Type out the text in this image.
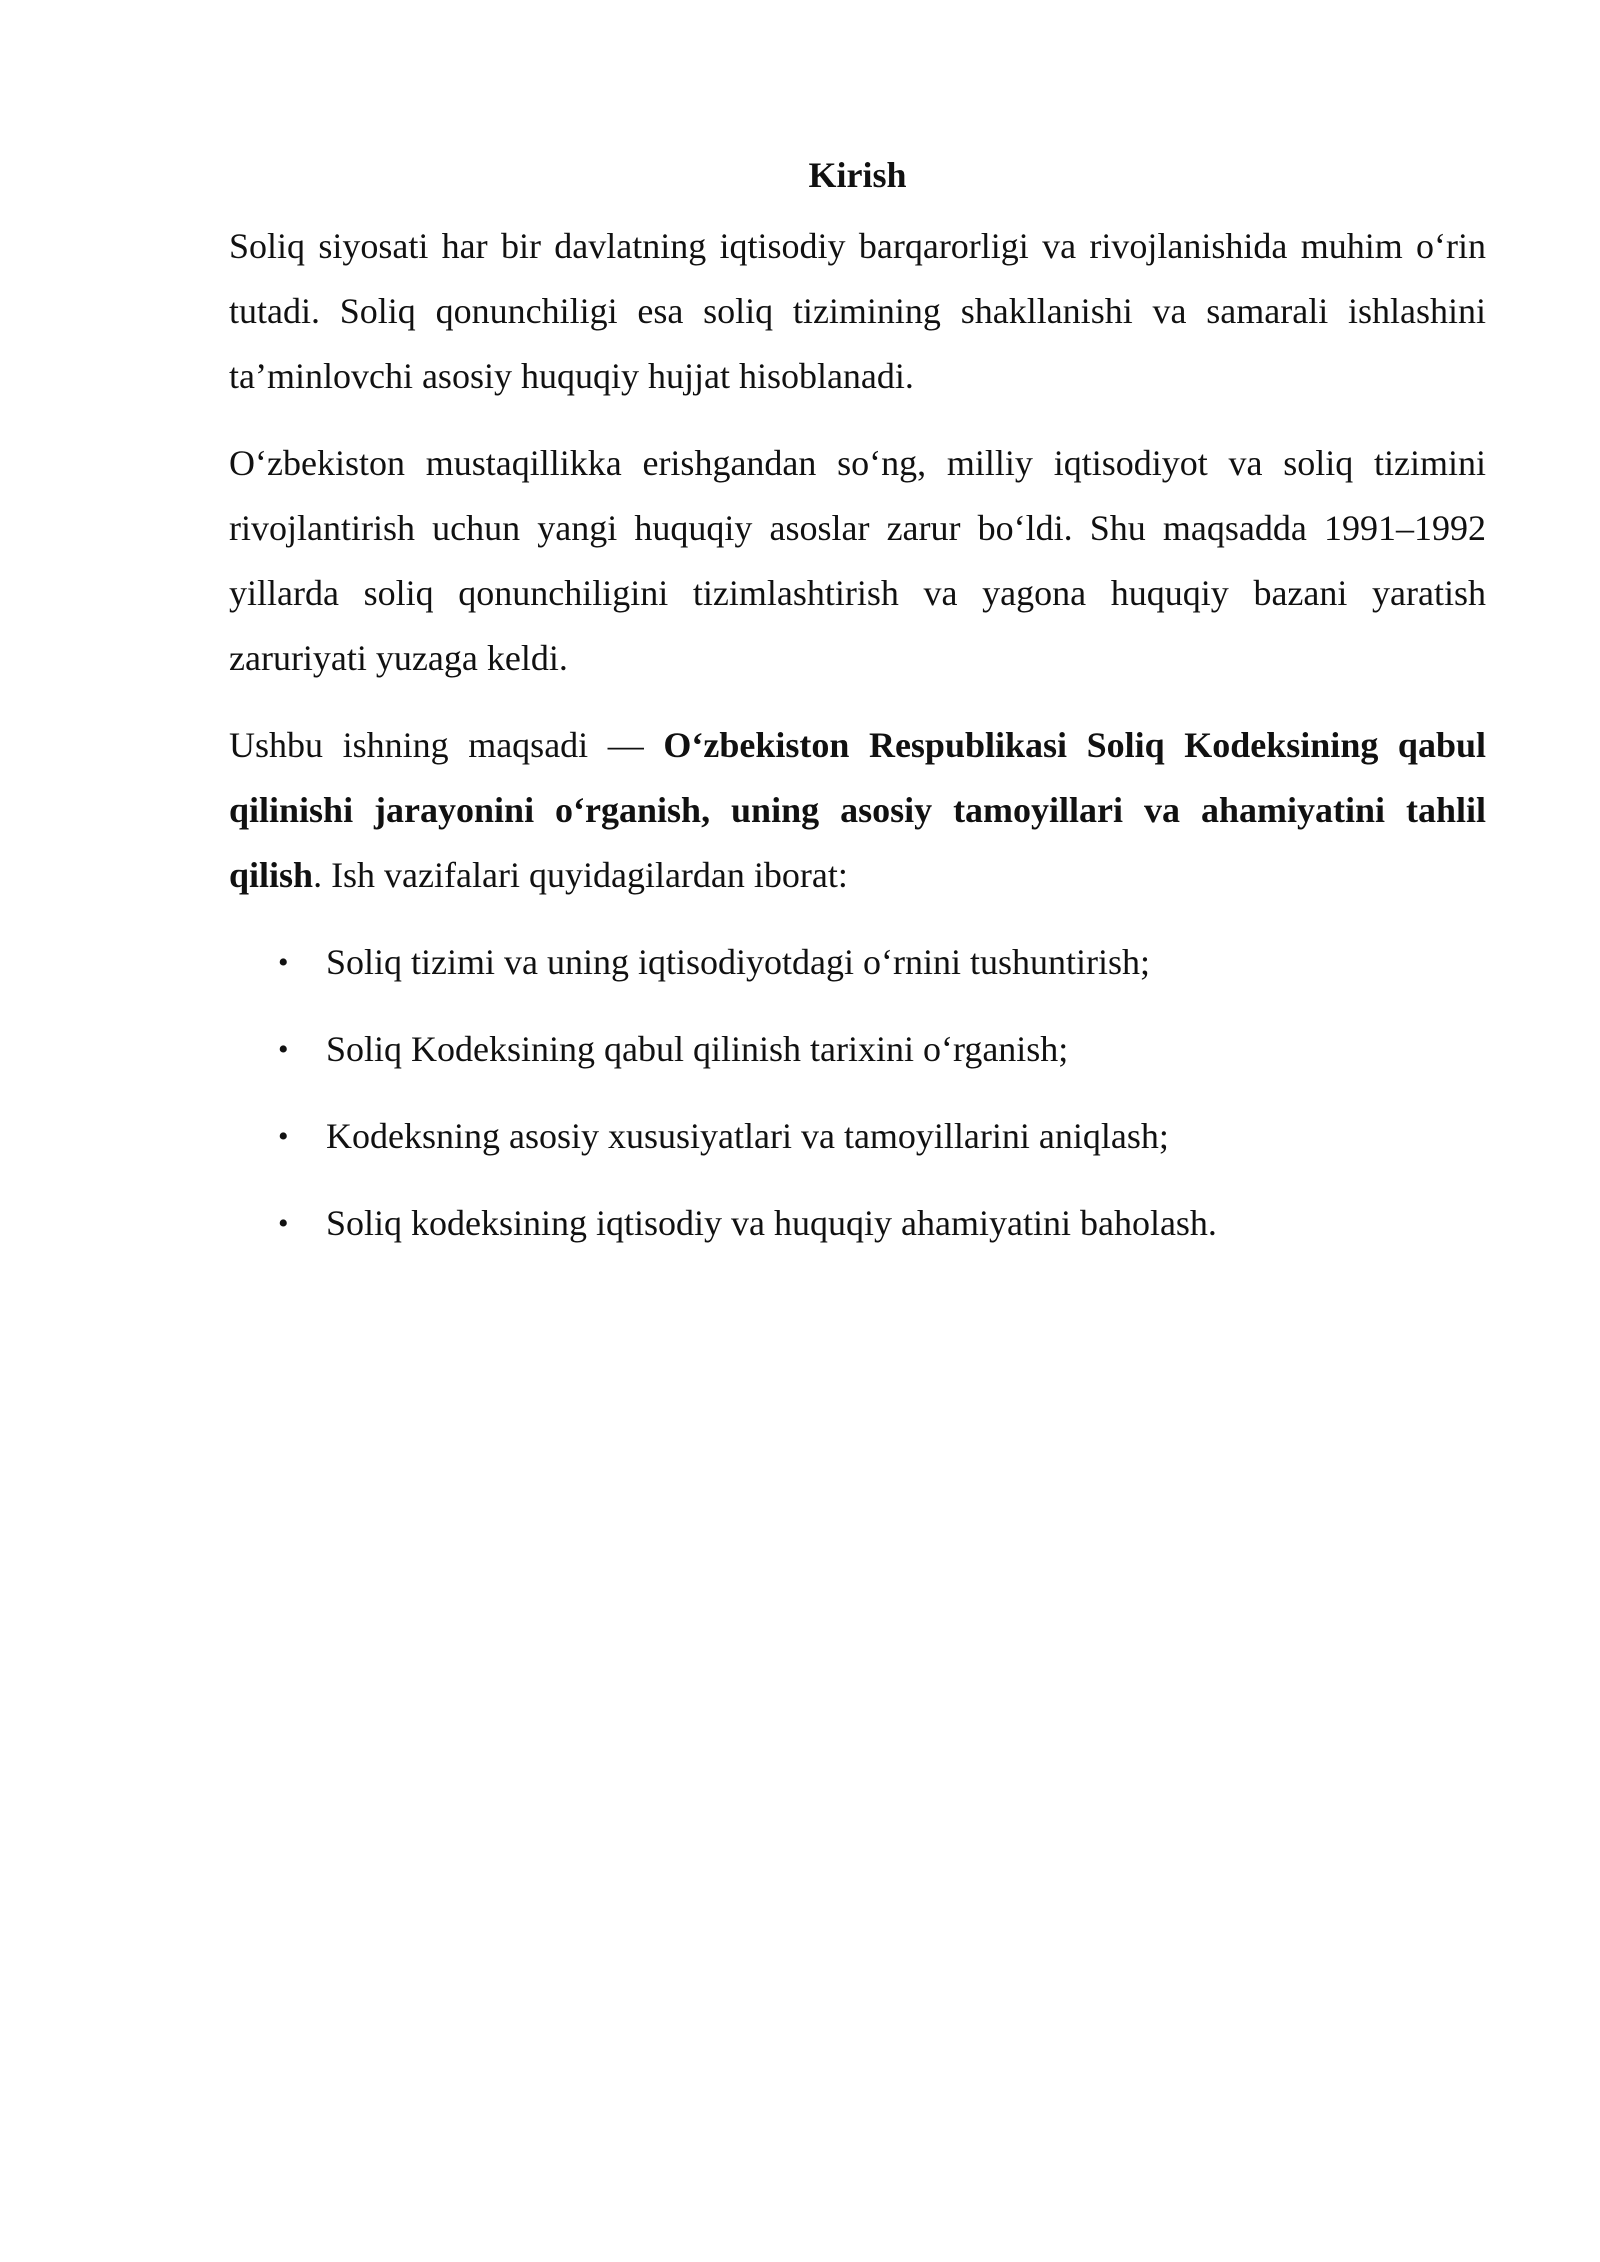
Kirish

Soliq siyosati har bir davlatning iqtisodiy barqarorligi va rivojlanishida muhim o‘rin tutadi. Soliq qonunchiligi esa soliq tizimining shakllanishi va samarali ishlashini ta’minlovchi asosiy huquqiy hujjat hisoblanadi.

O‘zbekiston mustaqillikka erishgandan so‘ng, milliy iqtisodiyot va soliq tizimini rivojlantirish uchun yangi huquqiy asoslar zarur bo‘ldi. Shu maqsadda 1991–1992 yillarda soliq qonunchiligini tizimlashtirish va yagona huquqiy bazani yaratish zaruriyati yuzaga keldi.

Ushbu ishning maqsadi — O‘zbekiston Respublikasi Soliq Kodeksining qabul qilinishi jarayonini o‘rganish, uning asosiy tamoyillari va ahamiyatini tahlil qilish. Ish vazifalari quyidagilardan iborat:

• Soliq tizimi va uning iqtisodiyotdagi o‘rnini tushuntirish;
• Soliq Kodeksining qabul qilinish tarixini o‘rganish;
• Kodeksning asosiy xususiyatlari va tamoyillarini aniqlash;
• Soliq kodeksining iqtisodiy va huquqiy ahamiyatini baholash.
